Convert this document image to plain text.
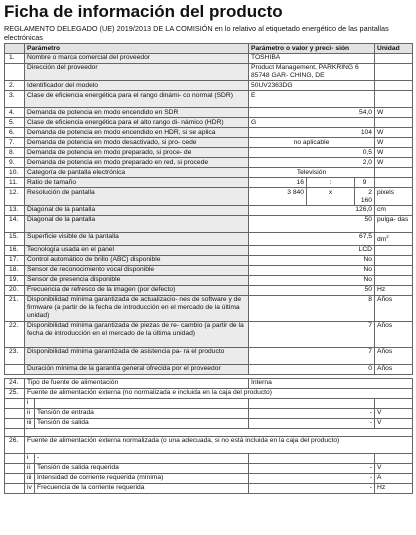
Ficha de información del producto
REGLAMENTO DELEGADO (UE) 2019/2013 DE LA COMISIÓN en lo relativo al etiquetado energético de las pantallas electrónicas
	Parámetro	Parámetro o valor y preci- sión			Unidad
1.	Nombre o marca comercial del proveedor	TOSHIBA			
	Dirección del proveedor	Product Management, PARKRING 6 85748 GAR- CHING, DE			
2.	Identificador del modelo	50UV2363DG			
3.	Clase de eficiencia energética para el rango dinámi- co normal (SDR)	E			
4.	Demanda de potencia en modo encendido en SDR	54,0			W
5.	Clase de eficiencia energética para el alto rango di- námico (HDR)	G			
6.	Demanda de potencia en modo encendido en HDR, si se aplica	104			W
7.	Demanda de potencia en modo desactivado, si pro- cede	no aplicable			W
8.	Demanda de potencia en modo preparado, si proce- de	0,5			W
9.	Demanda de potencia en modo preparado en red, si procede	2,0			W
10.	Categoría de pantalla electrónica	Televisión			
11.	Ratio de tamaño	16	:	9	
12.	Resolución de pantalla	3 840	x	2 160	pixels
13.	Diagonal de la pantalla	126,0			cm
14.	Diagonal de la pantalla	50			pulga- das
15.	Superficie visible de la pantalla	67,5			$dm^2$
16.	Tecnología usada en el panel	LCD			
17.	Control automático de brillo (ABC) disponible	No			
18.	Sensor de reconocimiento vocal disponible	No			
19.	Sensor de presencia disponible	No			
20.	Frecuencia de refresco de la imagen (por defecto)	50			Hz
21.	Disponibilidad mínima garantizada de actualizacio- nes de software y de firmware (a partir de la fecha de introducción en el mercado de la última unidad)	8			Años
22.	Disponibilidad mínima garantizada de piezas de re- cambio (a partir de la fecha de introducción en el mercado de la última unidad)	7			Años
23.	Disponibilidad mínima garantizada de asistencia pa- ra el producto	7			Años
	Duración mínima de la garantía general ofrecida por el proveedor	0			Años
24.	Tipo de fuente de alimentación		Interna	
25.	Fuente de alimentación externa (no normalizada e incluida en la caja del producto)			
	i			
	ii	Tensión de entrada	-	V
	iii	Tensión de salida	-	V

26.	Fuente de alimentación externa normalizada (o una adecuada, si no está incluida en la caja del producto)			
	i	-		
	ii	Tensión de salida requerida	-	V
	iii	Intensidad de corriente requerida (mínima)	-	A
	iv	Frecuencia de la corriente requerida	-	Hz
